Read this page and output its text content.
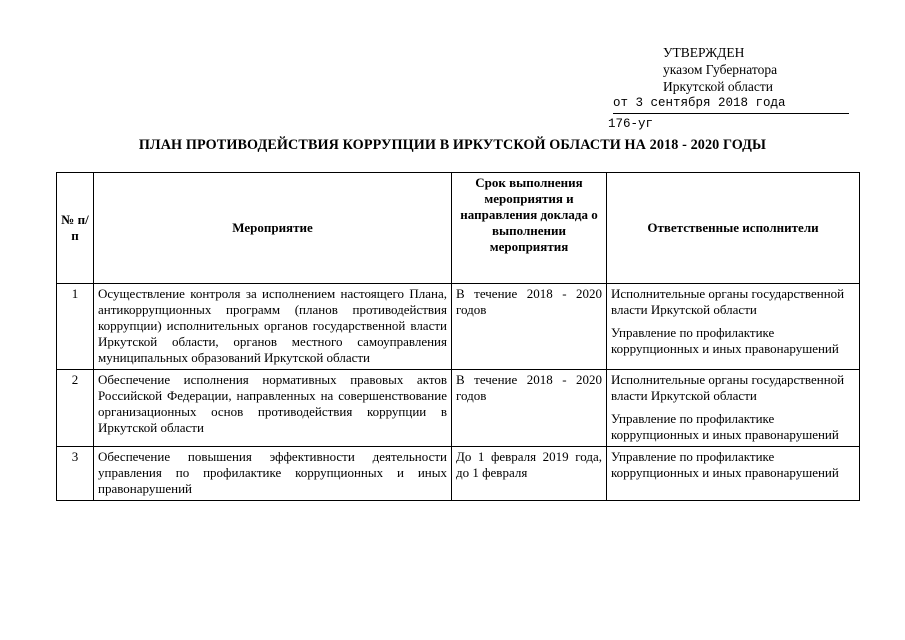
УТВЕРЖДЕН
указом Губернатора
Иркутской области
от 3 сентября 2018 года
176-уг
ПЛАН ПРОТИВОДЕЙСТВИЯ КОРРУПЦИИ В ИРКУТСКОЙ ОБЛАСТИ НА 2018 - 2020 ГОДЫ
№ п/п	Мероприятие	Срок выполнения мероприятия и направления доклада о выполнении мероприятия	Ответственные исполнители
1	Осуществление контроля за исполнением настоящего Плана, антикоррупционных программ (планов противодействия коррупции) исполнительных органов государственной власти Иркутской области, органов местного самоуправления муниципальных образований Иркутской области	В течение 2018 - 2020 годов	Исполнительные органы государственной власти Иркутской области

Управление по профилактике коррупционных и иных правонарушений

2	Обеспечение исполнения нормативных правовых актов Российской Федерации, направленных на совершенствование организационных основ противодействия коррупции в Иркутской области	В течение 2018 - 2020 годов	Исполнительные органы государственной власти Иркутской области

Управление по профилактике коррупционных и иных правонарушений

3	Обеспечение повышения эффективности деятельности управления по профилактике коррупционных и иных правонарушений	До 1 февраля 2019 года, до 1 февраля	Управление по профилактике коррупционных и иных правонарушений
